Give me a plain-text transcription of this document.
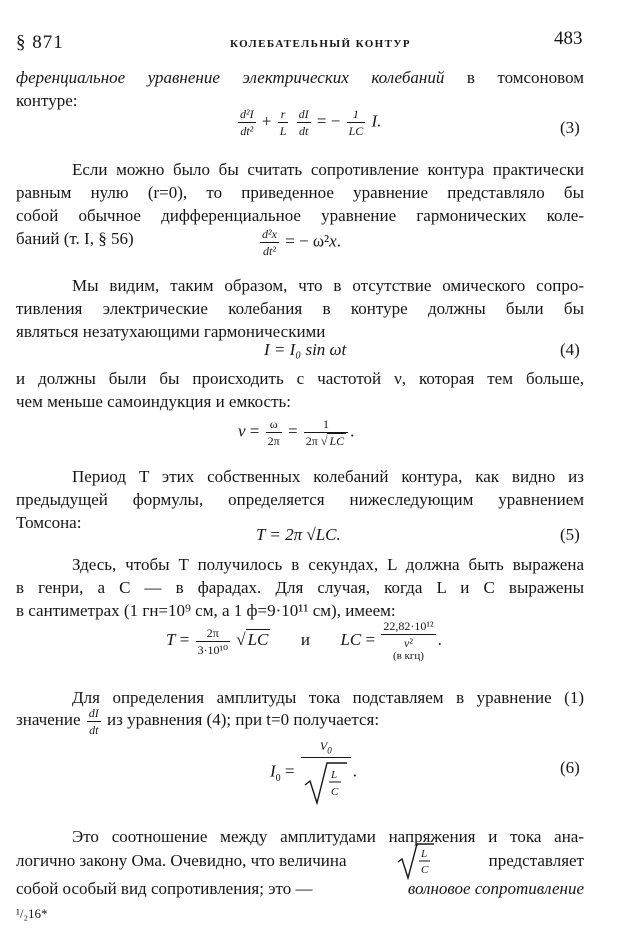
§ 871	КОЛЕБАТЕЛЬНЫЙ КОНТУР	483
ференциальное уравнение электрических колебаний в томсоновом
контуре:
$\frac{\text{d²I}}{\text{dt²}} + \frac{r}{L}$
$\frac{dI}{dt}$ = − $\frac{1}{LC} I$.	(3)
Если можно было бы считать сопротивление контура практически
равным нулю (r=0), то приведенное уравнение представляло бы
собой обычное дифференциальное уравнение гармонических коле-
баний (т. I, § 56)	$\frac{\text{d²x}}{\text{dt²}}$ = − ω²x.
Мы видим, таким образом, что в отсутствие омического сопро-
тивления электрические колебания в контуре должны были бы
являться незатухающими гармоническими
I = I₀ sin ωt	(4)
и должны были бы происходить с частотой ν, которая тем больше,
чем меньше самоиндукция и емкость:
$\nu = \frac{\omega}{2\pi} = \frac{1}{2\pi √ LC}$ .
Период T этих собственных колебаний контура, как видно из
предыдущей формулы, определяется нижеследующим уравнением
Томсона:
T = 2π √LC.	(5)
Здесь, чтобы T получилось в секундах, L должна быть выражена
в генри, а C — в фарадах. Для случая, когда L и C выражены
в сантиметрах (1 гн=10⁹ см, а 1 ф=9·10¹¹ см), имеем:
$T = \frac{2\pi}{\text{3·10¹⁰}}$ √ LC и LC =
22,82·10¹²
ν²
(в кгц)
.
Для определения амплитуды тока подставляем в уравнение (1)
значение $\frac{dI}{dt}$ из уравнения (4); при t=0 получается:
$I_0 = V_0$
L
C .	(6)
Это соотношение между амплитудами напряжения и тока ана-
логично закону Ома. Очевидно, что величина	L
C	представляет
собой особый вид сопротивления; это —	волновое сопротивление
¹/₂16*
